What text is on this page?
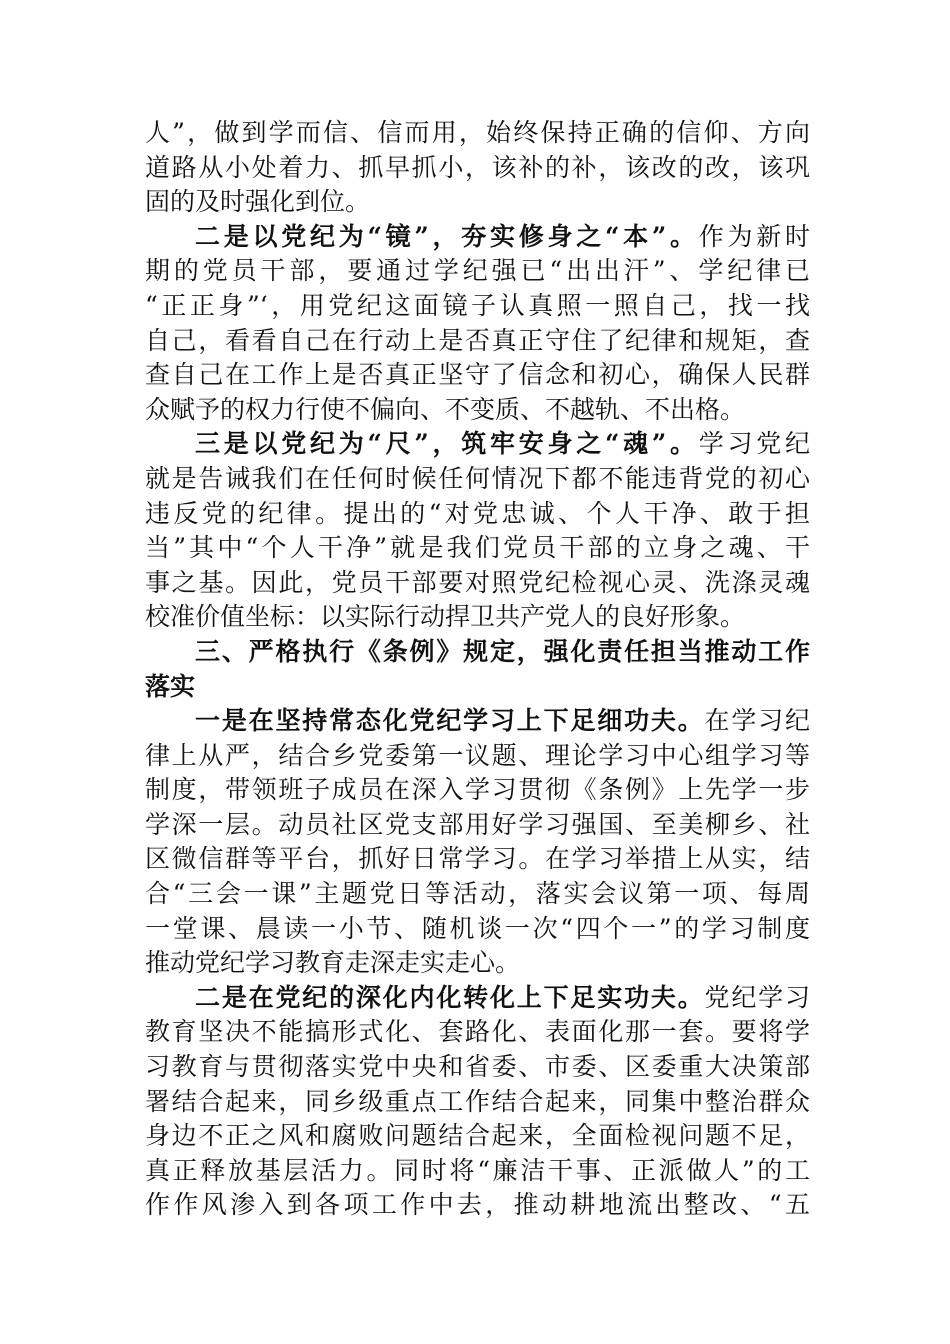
人”，做到学而信、信而用，始终保持正确的信仰、方向
道路从小处着力、抓早抓小，该补的补，该改的改，该巩
固的及时强化到位。
二是以党纪为“镜”，夯实修身之“本”。作为新时
期的党员干部，要通过学纪强已“出出汗”、学纪律已
“正正身”‘，用党纪这面镜子认真照一照自己，找一找
自己，看看自己在行动上是否真正守住了纪律和规矩，查
查自己在工作上是否真正坚守了信念和初心，确保人民群
众赋予的权力行使不偏向、不变质、不越轨、不出格。
三是以党纪为“尺”，筑牢安身之“魂”。学习党纪
就是告诫我们在任何时候任何情况下都不能违背党的初心
违反党的纪律。提出的“对党忠诚、个人干净、敢于担
当”其中“个人干净”就是我们党员干部的立身之魂、干
事之基。因此，党员干部要对照党纪检视心灵、洗涤灵魂
校准价值坐标：以实际行动捍卫共产党人的良好形象。
三、严格执行《条例》规定，强化责任担当推动工作
落实
一是在坚持常态化党纪学习上下足细功夫。在学习纪
律上从严，结合乡党委第一议题、理论学习中心组学习等
制度，带领班子成员在深入学习贯彻《条例》上先学一步
学深一层。动员社区党支部用好学习强国、至美柳乡、社
区微信群等平台，抓好日常学习。在学习举措上从实，结
合“三会一课”主题党日等活动，落实会议第一项、每周
一堂课、晨读一小节、随机谈一次“四个一”的学习制度
推动党纪学习教育走深走实走心。
二是在党纪的深化内化转化上下足实功夫。党纪学习
教育坚决不能搞形式化、套路化、表面化那一套。要将学
习教育与贯彻落实党中央和省委、市委、区委重大决策部
署结合起来，同乡级重点工作结合起来，同集中整治群众
身边不正之风和腐败问题结合起来，全面检视问题不足，
真正释放基层活力。同时将“廉洁干事、正派做人”的工
作作风渗入到各项工作中去，推动耕地流出整改、“五
